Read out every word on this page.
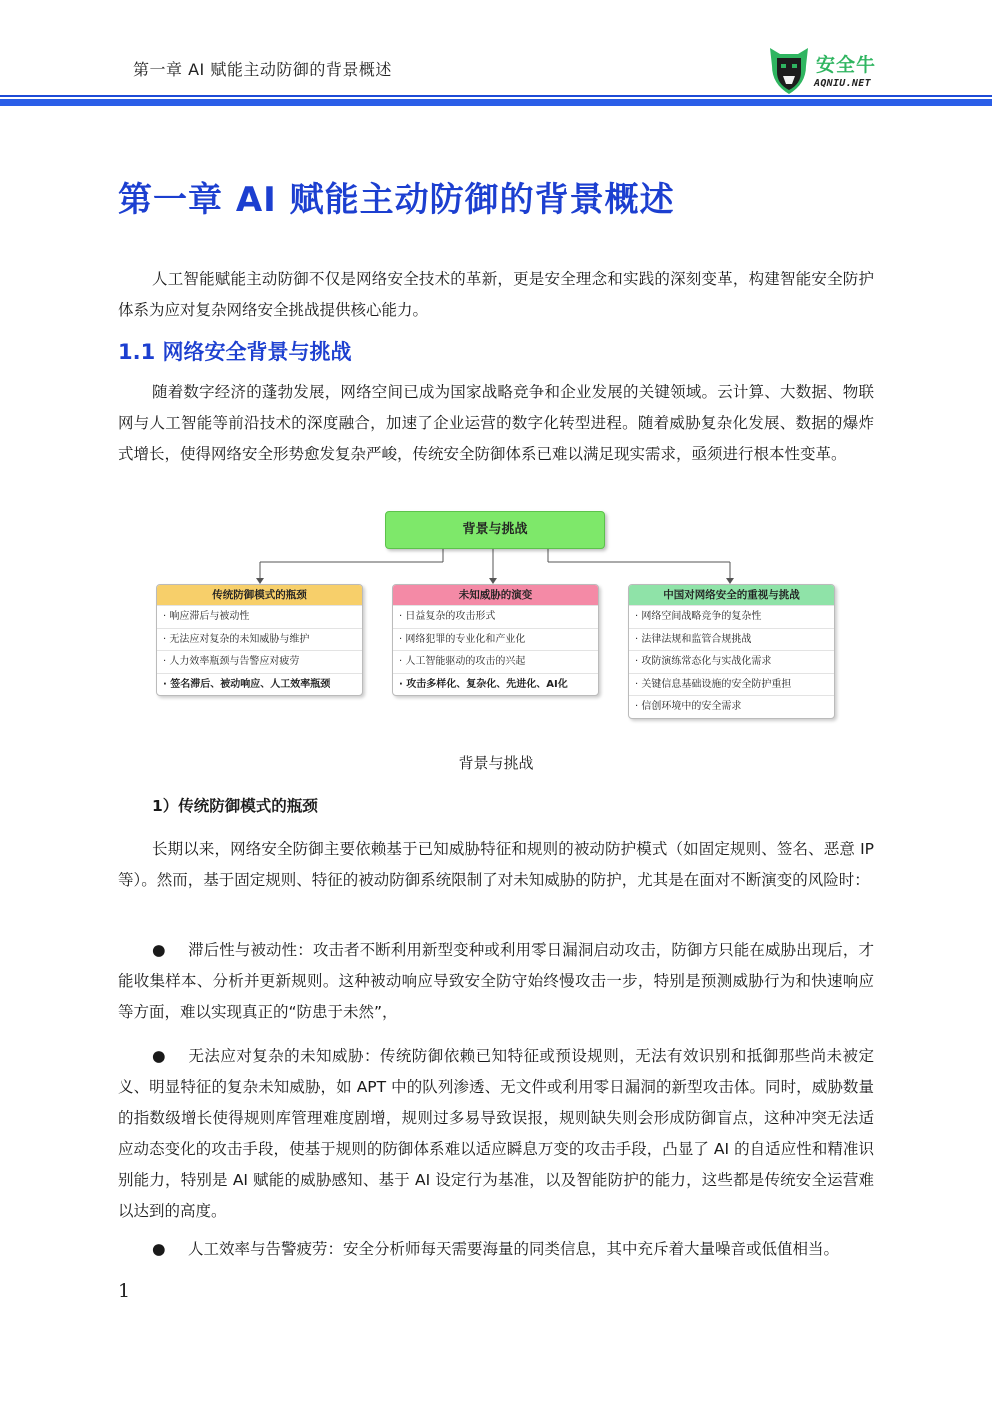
第一章 AI 赋能主动防御的背景概述	安全牛
AQNIU.NET
第一章 AI 赋能主动防御的背景概述

人工智能赋能主动防御不仅是网络安全技术的革新，更是安全理念和实践的深刻变革，构建智能安全防护体系为应对复杂网络安全挑战提供核心能力。

1.1 网络安全背景与挑战

随着数字经济的蓬勃发展，网络空间已成为国家战略竞争和企业发展的关键领域。云计算、大数据、物联网与人工智能等前沿技术的深度融合，加速了企业运营的数字化转型进程。随着威胁复杂化发展、数据的爆炸式增长，使得网络安全形势愈发复杂严峻，传统安全防御体系已难以满足现实需求，亟须进行根本性变革。

背景与挑战
传统防御模式的瓶颈
· 响应滞后与被动性
· 无法应对复杂的未知威胁与维护
· 人力效率瓶颈与告警应对疲劳
· 签名滞后、被动响应、人工效率瓶颈
未知威胁的演变
· 日益复杂的攻击形式
· 网络犯罪的专业化和产业化
· 人工智能驱动的攻击的兴起
· 攻击多样化、复杂化、先进化、AI化
中国对网络安全的重视与挑战
· 网络空间战略竞争的复杂性
· 法律法规和监管合规挑战
· 攻防演练常态化与实战化需求
· 关键信息基础设施的安全防护重担
· 信创环境中的安全需求
背景与挑战
1）传统防御模式的瓶颈

长期以来，网络安全防御主要依赖基于已知威胁特征和规则的被动防护模式（如固定规则、签名、恶意 IP 等）。然而，基于固定规则、特征的被动防御系统限制了对未知威胁的防护，尤其是在面对不断演变的风险时：

● 滞后性与被动性：攻击者不断利用新型变种或利用零日漏洞启动攻击，防御方只能在威胁出现后，才能收集样本、分析并更新规则。这种被动响应导致安全防守始终慢攻击一步，特别是预测威胁行为和快速响应等方面，难以实现真正的“防患于未然”，

● 无法应对复杂的未知威胁：传统防御依赖已知特征或预设规则，无法有效识别和抵御那些尚未被定义、明显特征的复杂未知威胁，如 APT 中的队列渗透、无文件或利用零日漏洞的新型攻击体。同时，威胁数量的指数级增长使得规则库管理难度剧增，规则过多易导致误报，规则缺失则会形成防御盲点，这种冲突无法适应动态变化的攻击手段，使基于规则的防御体系难以适应瞬息万变的攻击手段，凸显了 AI 的自适应性和精准识别能力，特别是 AI 赋能的威胁感知、基于 AI 设定行为基准，以及智能防护的能力，这些都是传统安全运营难以达到的高度。

● 人工效率与告警疲劳：安全分析师每天需要海量的同类信息，其中充斥着大量噪音或低值相当。

1
